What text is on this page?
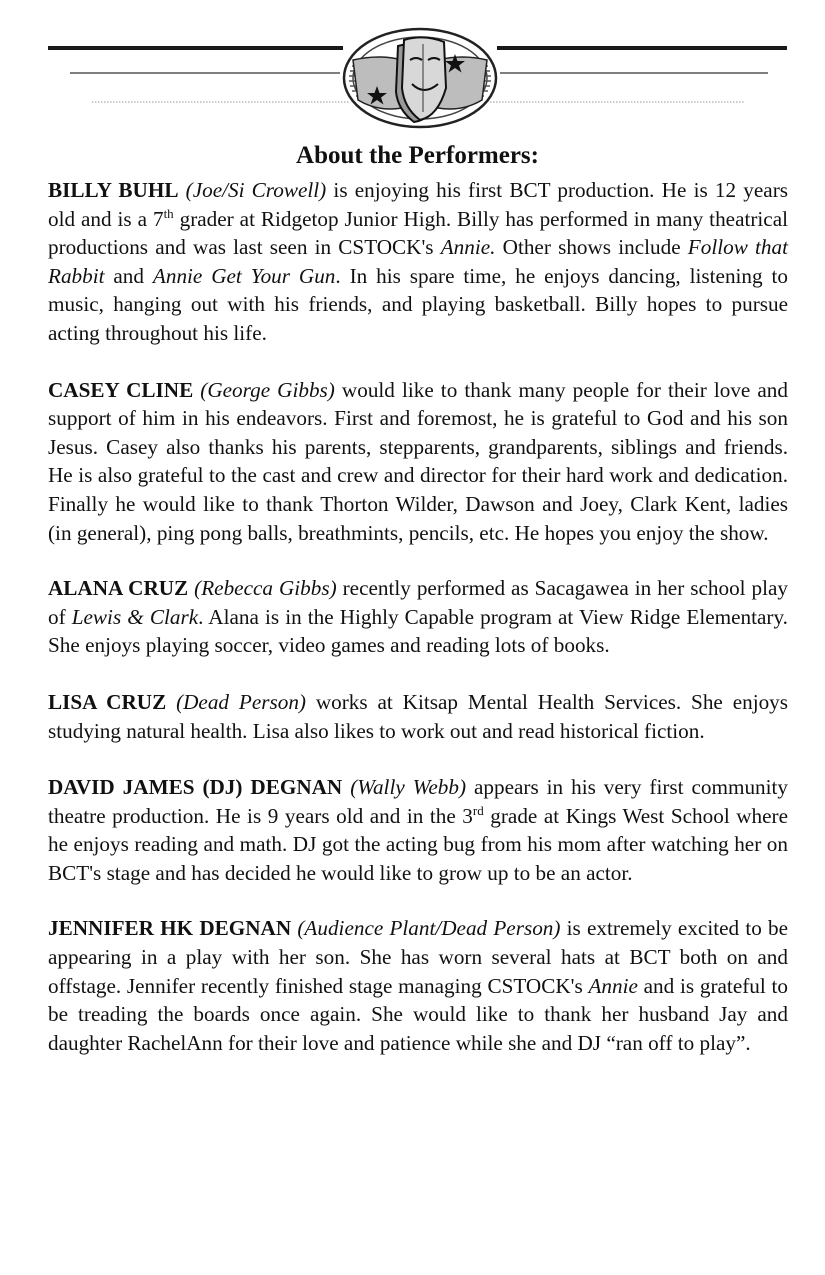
About the Performers:

BILLY BUHL (Joe/Si Crowell) is enjoying his first BCT production. He is 12 years old and is a 7th grader at Ridgetop Junior High. Billy has performed in many theatrical productions and was last seen in CSTOCK's Annie. Other shows include Follow that Rabbit and Annie Get Your Gun. In his spare time, he enjoys dancing, listening to music, hanging out with his friends, and playing basketball. Billy hopes to pursue acting throughout his life.

CASEY CLINE (George Gibbs) would like to thank many people for their love and support of him in his endeavors. First and foremost, he is grateful to God and his son Jesus. Casey also thanks his parents, stepparents, grandparents, siblings and friends. He is also grateful to the cast and crew and director for their hard work and dedication. Finally he would like to thank Thorton Wilder, Dawson and Joey, Clark Kent, ladies (in general), ping pong balls, breathmints, pencils, etc. He hopes you enjoy the show.

ALANA CRUZ (Rebecca Gibbs) recently performed as Sacagawea in her school play of Lewis & Clark. Alana is in the Highly Capable program at View Ridge Elementary. She enjoys playing soccer, video games and reading lots of books.

LISA CRUZ (Dead Person) works at Kitsap Mental Health Services. She enjoys studying natural health. Lisa also likes to work out and read historical fiction.

DAVID JAMES (DJ) DEGNAN (Wally Webb) appears in his very first community theatre production. He is 9 years old and in the 3rd grade at Kings West School where he enjoys reading and math. DJ got the acting bug from his mom after watching her on BCT's stage and has decided he would like to grow up to be an actor.

JENNIFER HK DEGNAN (Audience Plant/Dead Person) is extremely excited to be appearing in a play with her son. She has worn several hats at BCT both on and offstage. Jennifer recently finished stage managing CSTOCK's Annie and is grateful to be treading the boards once again. She would like to thank her husband Jay and daughter RachelAnn for their love and patience while she and DJ “ran off to play”.
